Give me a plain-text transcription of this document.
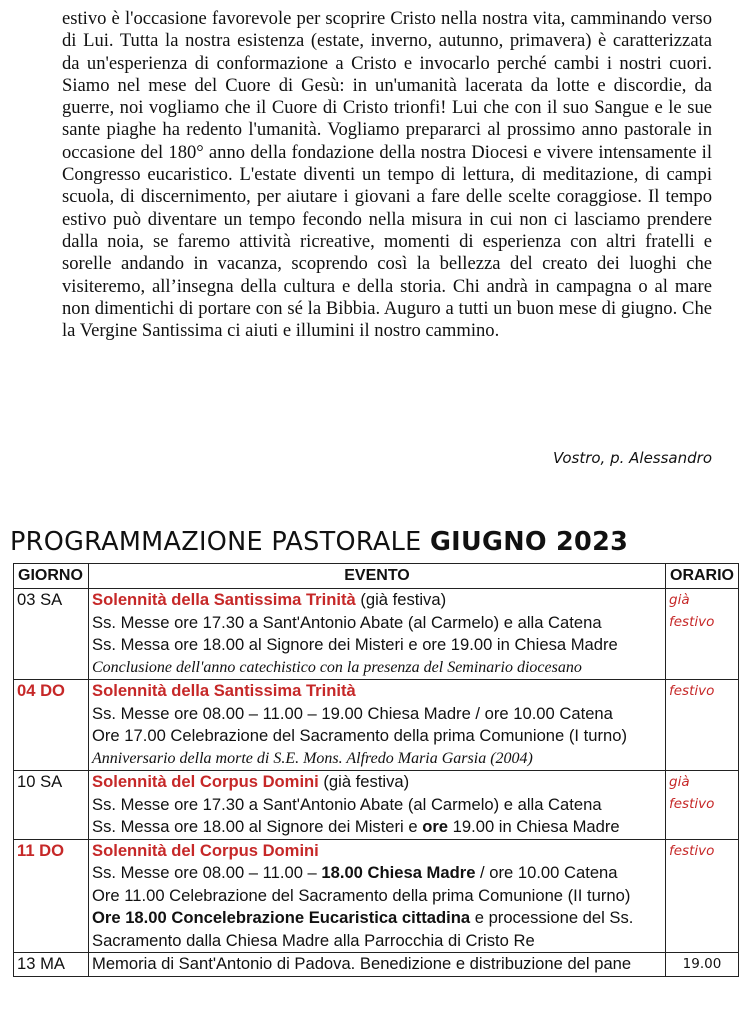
estivo è l'occasione favorevole per scoprire Cristo nella nostra vita, camminando verso di Lui. Tutta la nostra esistenza (estate, inverno, autunno, primavera) è caratterizzata da un'esperienza di conformazione a Cristo e invocarlo perché cambi i nostri cuori. Siamo nel mese del Cuore di Gesù: in un'umanità lacerata da lotte e discordie, da guerre, noi vogliamo che il Cuore di Cristo trionfi! Lui che con il suo Sangue e le sue sante piaghe ha redento l'umanità. Vogliamo prepararci al prossimo anno pastorale in occasione del 180° anno della fondazione della nostra Diocesi e vivere intensamente il Congresso eucaristico. L'estate diventi un tempo di lettura, di meditazione, di campi scuola, di discernimento, per aiutare i giovani a fare delle scelte coraggiose. Il tempo estivo può diventare un tempo fecondo nella misura in cui non ci lasciamo prendere dalla noia, se faremo attività ricreative, momenti di esperienza con altri fratelli e sorelle andando in vacanza, scoprendo così la bellezza del creato dei luoghi che visiteremo, all’insegna della cultura e della storia. Chi andrà in campagna o al mare non dimentichi di portare con sé la Bibbia. Auguro a tutti un buon mese di giugno. Che la Vergine Santissima ci aiuti e illumini il nostro cammino.
Vostro, p. Alessandro
PROGRAMMAZIONE PASTORALE GIUGNO 2023
GIORNO	EVENTO	ORARIO
03 SA	Solennità della Santissima Trinità (già festiva)
Ss. Messe ore 17.30 a Sant'Antonio Abate (al Carmelo) e alla Catena
Ss. Messa ore 18.00 al Signore dei Misteri e ore 19.00 in Chiesa Madre
Conclusione dell'anno catechistico con la presenza del Seminario diocesano	già festivo
04 DO	Solennità della Santissima Trinità
Ss. Messe ore 08.00 – 11.00 – 19.00 Chiesa Madre / ore 10.00 Catena
Ore 17.00 Celebrazione del Sacramento della prima Comunione (I turno)
Anniversario della morte di S.E. Mons. Alfredo Maria Garsia (2004)	festivo
10 SA	Solennità del Corpus Domini (già festiva)
Ss. Messe ore 17.30 a Sant'Antonio Abate (al Carmelo) e alla Catena
Ss. Messa ore 18.00 al Signore dei Misteri e ore 19.00 in Chiesa Madre	già festivo
11 DO	Solennità del Corpus Domini
Ss. Messe ore 08.00 – 11.00 – 18.00 Chiesa Madre / ore 10.00 Catena
Ore 11.00 Celebrazione del Sacramento della prima Comunione (II turno)
Ore 18.00 Concelebrazione Eucaristica cittadina e processione del Ss.
Sacramento dalla Chiesa Madre alla Parrocchia di Cristo Re	festivo
13 MA	Memoria di Sant'Antonio di Padova. Benedizione e distribuzione del pane	19.00
